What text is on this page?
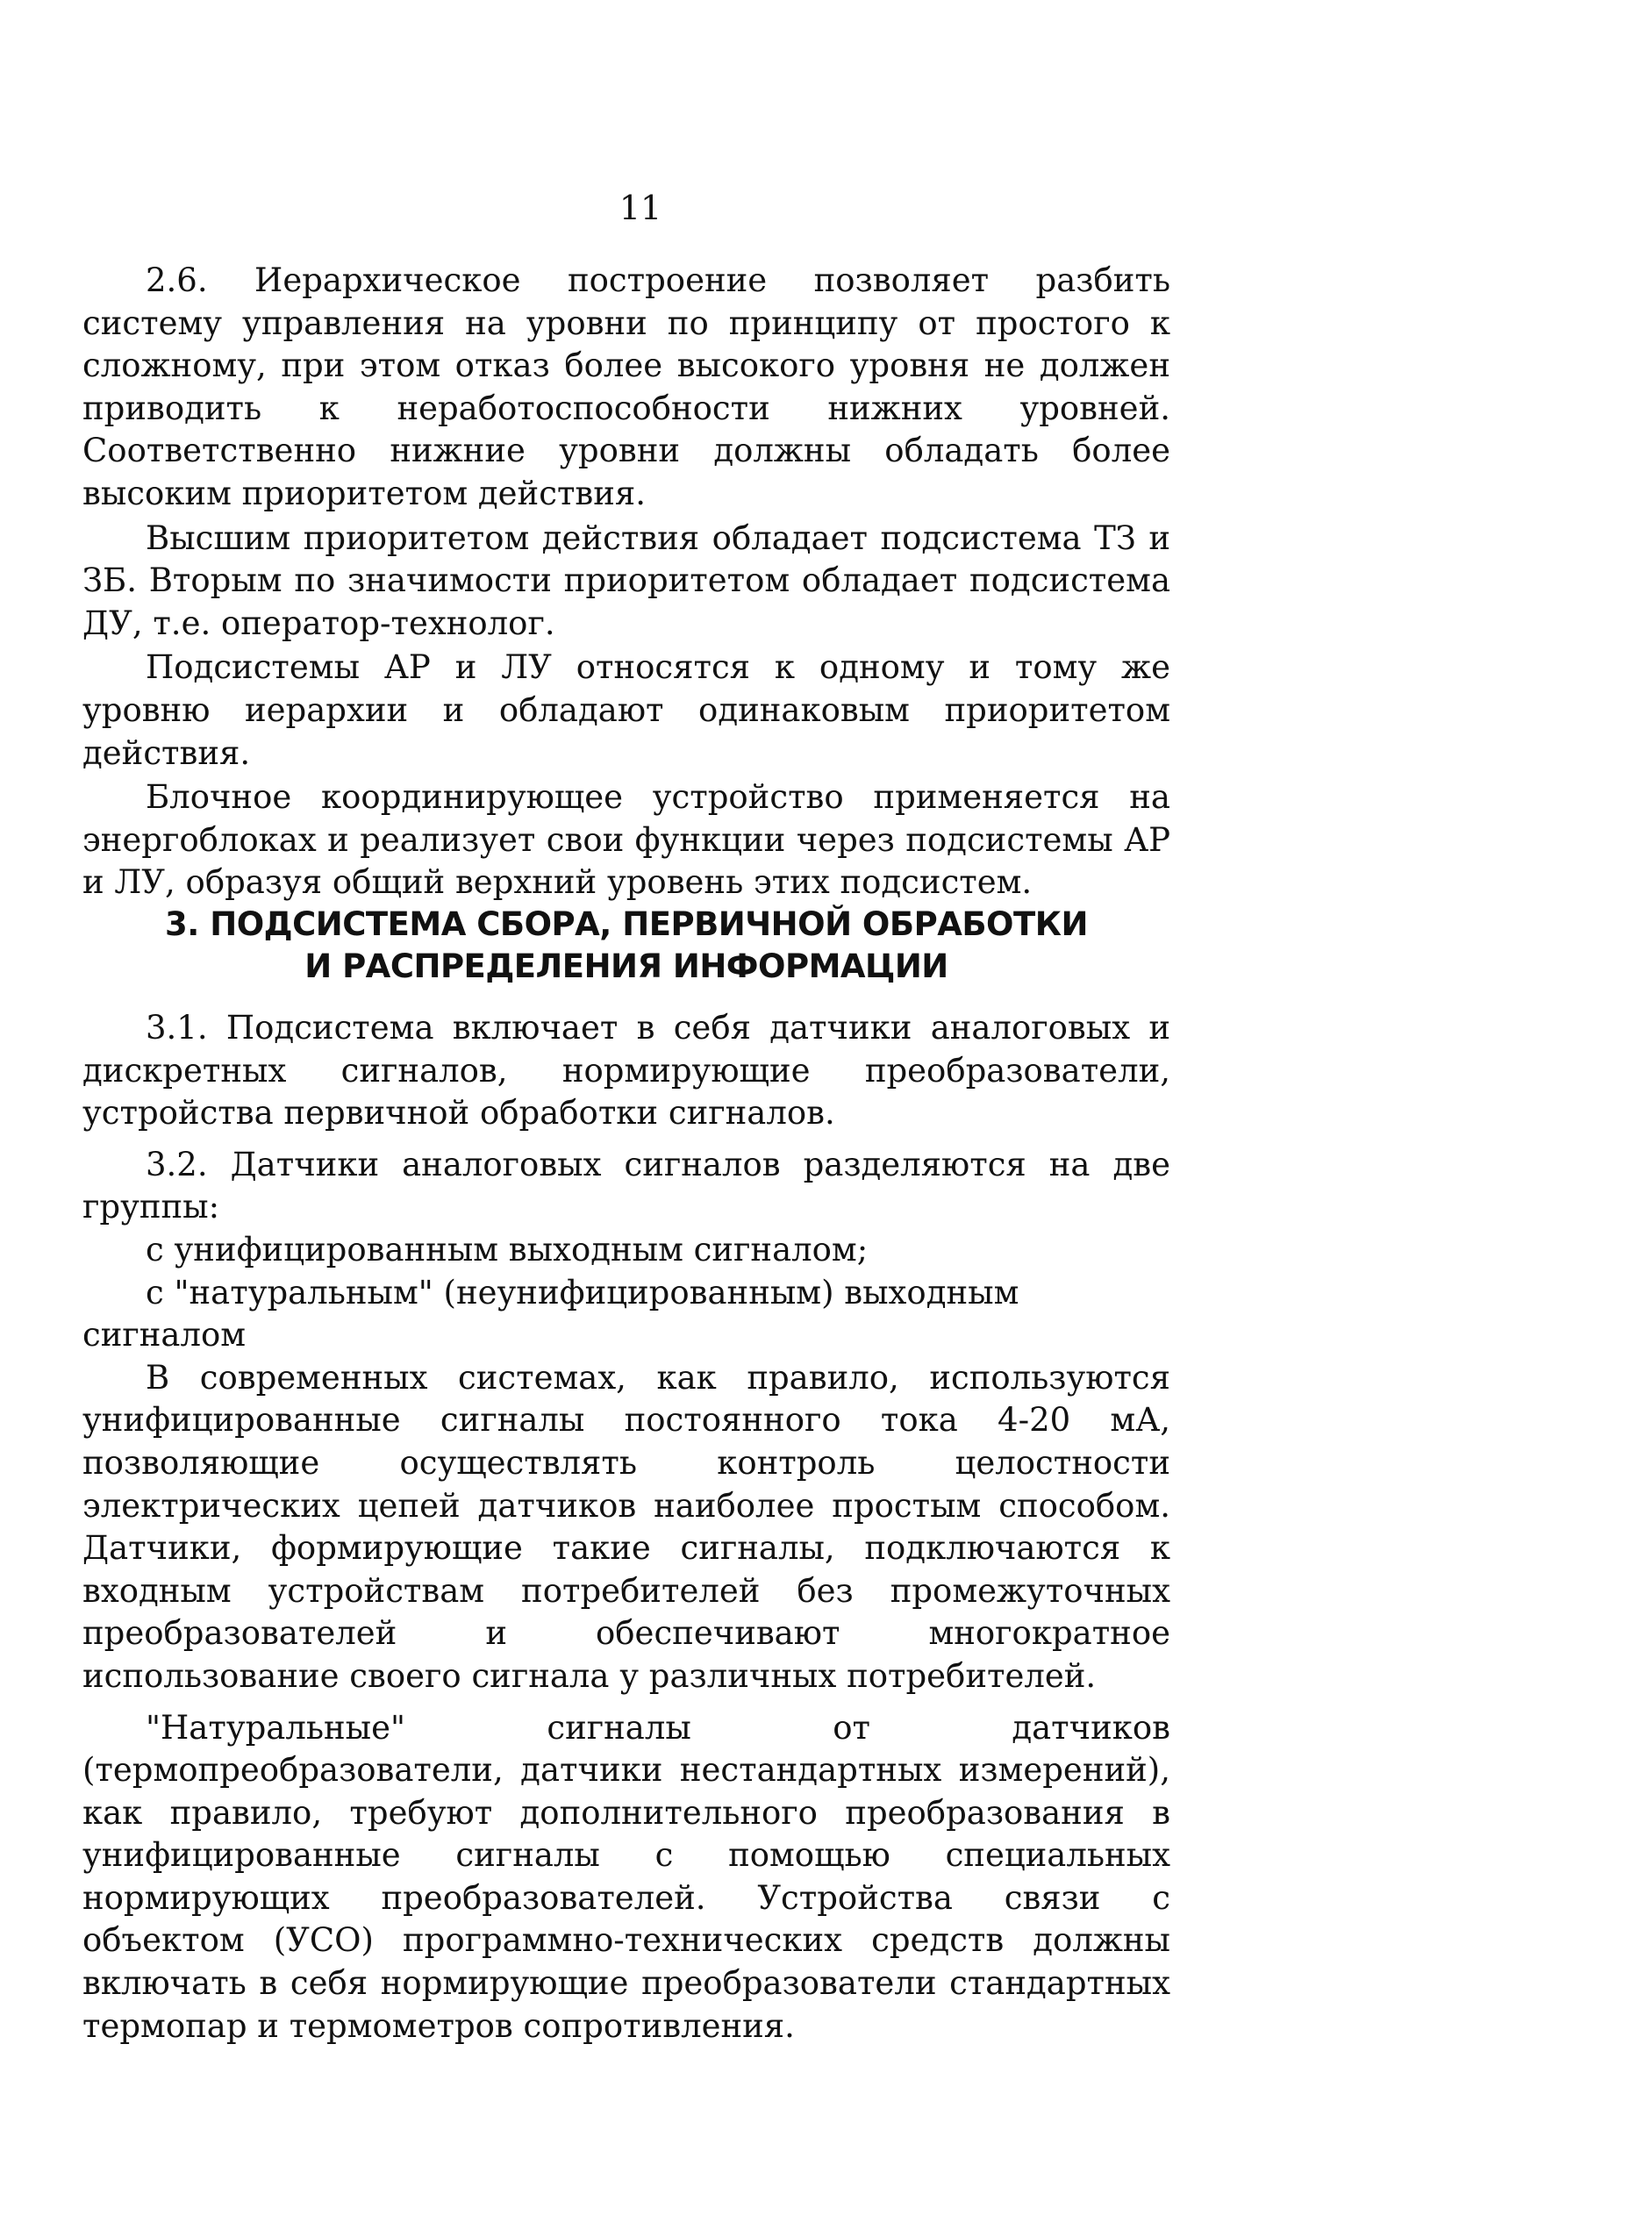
11

2.6. Иерархическое построение позволяет разбить систему управления на уровни по принципу от простого к сложному, при этом отказ более высокого уровня не должен приводить к неработоспособности нижних уровней. Соответственно нижние уровни должны обладать более высоким приоритетом действия.

Высшим приоритетом действия обладает подсистема ТЗ и ЗБ. Вторым по значимости приоритетом обладает подсистема ДУ, т.е. оператор-технолог.

Подсистемы АР и ЛУ относятся к одному и тому же уровню иерархии и обладают одинаковым приоритетом действия.

Блочное координирующее устройство применяется на энергоблоках и реализует свои функции через подсистемы АР и ЛУ, образуя общий верхний уровень этих подсистем.

3. ПОДСИСТЕМА СБОРА, ПЕРВИЧНОЙ ОБРАБОТКИ
И РАСПРЕДЕЛЕНИЯ ИНФОРМАЦИИ

3.1. Подсистема включает в себя датчики аналоговых и дискретных сигналов, нормирующие преобразователи, устройства первичной обработки сигналов.

3.2. Датчики аналоговых сигналов разделяются на две группы:

с унифицированным выходным сигналом;

с "натуральным" (неунифицированным) выходным сигналом

В современных системах, как правило, используются унифицированные сигналы постоянного тока 4-20 мА, позволяющие осуществлять контроль целостности электрических цепей датчиков наиболее простым способом. Датчики, формирующие такие сигналы, подключаются к входным устройствам потребителей без промежуточных преобразователей и обеспечивают многократное использование своего сигнала у различных потребителей.

"Натуральные" сигналы от датчиков (термопреобразователи, датчики нестандартных измерений), как правило, требуют дополнительного преобразования в унифицированные сигналы с помощью специальных нормирующих преобразователей. Устройства связи с объектом (УСО) программно-технических средств должны включать в себя нормирующие преобразователи стандартных термопар и термометров сопротивления.
